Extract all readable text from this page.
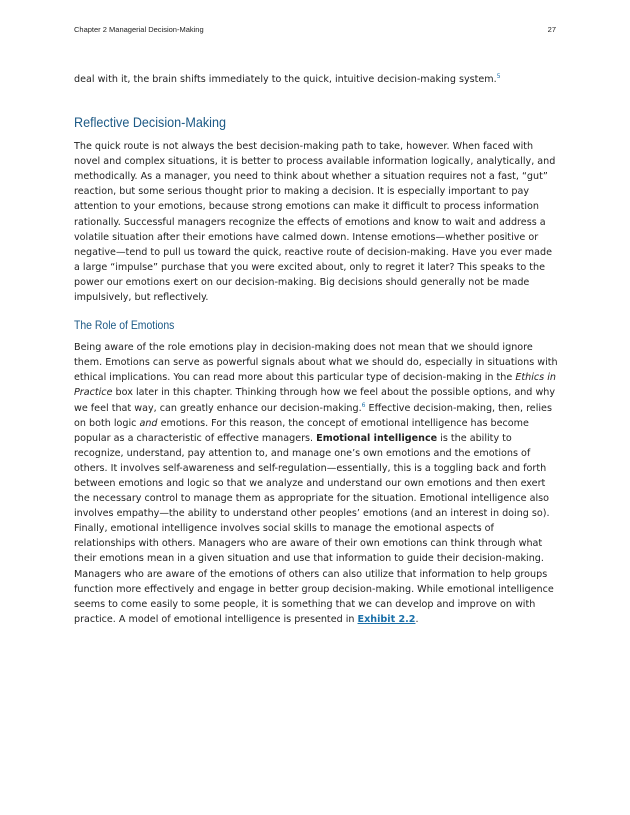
Chapter 2 Managerial Decision-Making	27

deal with it, the brain shifts immediately to the quick, intuitive decision-making system.$^5$

Reflective Decision-Making

The quick route is not always the best decision-making path to take, however. When faced with novel and complex situations, it is better to process available information logically, analytically, and methodically. As a manager, you need to think about whether a situation requires not a fast, “gut” reaction, but some serious thought prior to making a decision. It is especially important to pay attention to your emotions, because strong emotions can make it difficult to process information rationally. Successful managers recognize the effects of emotions and know to wait and address a volatile situation after their emotions have calmed down. Intense emotions—whether positive or negative—tend to pull us toward the quick, reactive route of decision-making. Have you ever made a large “impulse” purchase that you were excited about, only to regret it later? This speaks to the power our emotions exert on our decision-making. Big decisions should generally not be made impulsively, but reflectively.

The Role of Emotions

Being aware of the role emotions play in decision-making does not mean that we should ignore them. Emotions can serve as powerful signals about what we should do, especially in situations with ethical implications. You can read more about this particular type of decision-making in the Ethics in Practice box later in this chapter. Thinking through how we feel about the possible options, and why we feel that way, can greatly enhance our decision-making.$^6$ Effective decision-making, then, relies on both logic and emotions. For this reason, the concept of emotional intelligence has become popular as a characteristic of effective managers. Emotional intelligence is the ability to recognize, understand, pay attention to, and manage one’s own emotions and the emotions of others. It involves self-awareness and self-regulation—essentially, this is a toggling back and forth between emotions and logic so that we analyze and understand our own emotions and then exert the necessary control to manage them as appropriate for the situation. Emotional intelligence also involves empathy—the ability to understand other peoples’ emotions (and an interest in doing so). Finally, emotional intelligence involves social skills to manage the emotional aspects of relationships with others. Managers who are aware of their own emotions can think through what their emotions mean in a given situation and use that information to guide their decision-making. Managers who are aware of the emotions of others can also utilize that information to help groups function more effectively and engage in better group decision-making. While emotional intelligence seems to come easily to some people, it is something that we can develop and improve on with practice. A model of emotional intelligence is presented in Exhibit 2.2.
